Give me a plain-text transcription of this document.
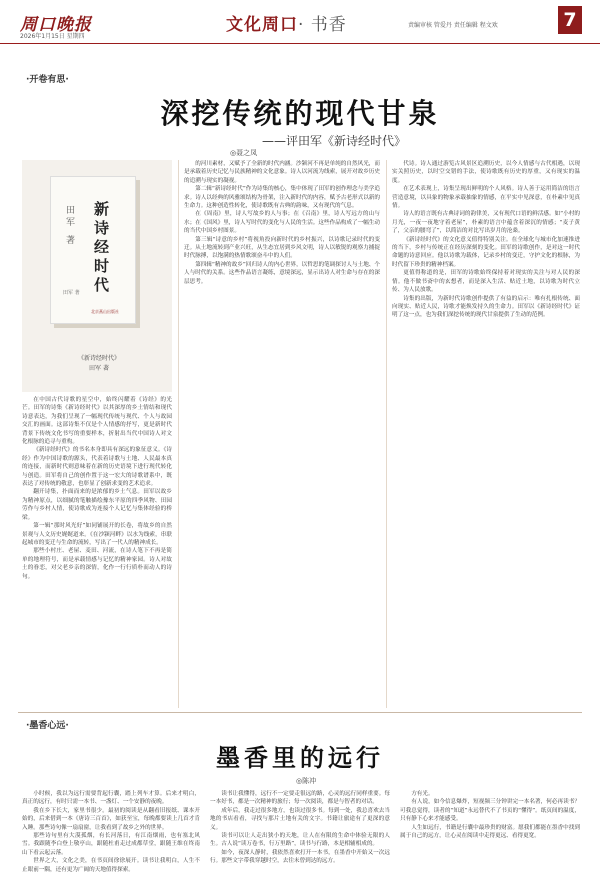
周口晚报
2026年1月15日 星期四
文化周口· 书香	责编审核 管爱丹 责任编辑 程文欢	7
·开卷有思·
深挖传统的现代甘泉
——评田军《新诗经时代》
◎聂之凤
新诗经时代
田军 著
田军 著
北京燕山出版社
《新诗经时代》
田军 著

在中国古代诗歌的星空中，始终闪耀着《诗经》的光芒。田军的诗集《新诗经时代》以其深厚的乡土情结和现代诗意表达，为我们呈现了一幅现代传统与现代、个人与故园交汇的画面。这部诗集不仅是个人情感的抒写，更是新时代背景下传统文化书写的重要样本，折射出当代中国诗人对文化根脉的追寻与重构。

《新诗经时代》的书名本身即具有深远的象征意义。《诗经》作为中国诗歌的源头，代表着诗歌与土地、人民最本真的连接，而新时代则意味着在新的历史语境下进行现代转化与创造。田军将自己的创作置于这一宏大的诗歌谱系中，既表达了对传统的敬意，也彰显了创新求变的艺术追求。

翻开诗集，扑面而来的是浓郁的乡土气息。田军以故乡为精神原点，以细腻的笔触描绘豫东平原的四季风物、田园劳作与乡村人情，使诗歌成为连接个人记忆与集体经验的桥梁。

第一辑“那时风光好”如同铺展开的长卷，将故乡的自然景观与人文历史娓娓道来。《在沙颍河畔》以水为线索，串联起城市的变迁与生命的流转，写出了一代人的精神成长。

那些小村庄、老屋、麦田、河流，在诗人笔下不再是简单的地理符号，而是承载情感与记忆的精神家园。诗人对故土的眷恋，对父老乡亲的深情，化作一行行质朴而动人的诗句。

的河川素材，又赋予了全新的时代内涵。沙颍河不再是单纯的自然风光，而是承载着历史记忆与民族精神的文化意象。诗人以河流为线索，展开对故乡历史的追溯与现实的凝视。

第二辑“新诗经时代”作为诗集的核心，集中体现了田军的创作理念与美学追求。诗人以经典的风雅颂结构为骨架，注入新时代的内容，赋予古老形式以新的生命力。这种创造性转化，使诗歌既有古典的韵味，又有现代的气息。

在《周南》里，诗人写故乡的人与事；在《召南》里，诗人写远方的山与水；在《国风》里，诗人写时代的变化与人民的生活。这些作品构成了一幅生动的当代中国乡村图景。

第三辑“诗意的乡村”将视角投向新时代的乡村振兴，以诗歌记录时代的变迁。从土地流转到产业兴旺，从生态宜居到乡风文明，诗人以敏锐的观察力捕捉时代脉搏，以饱满的热情歌颂奋斗中的人们。

第四辑“精神的故乡”回归诗人的内心世界，以哲思的笔调探讨人与土地、个人与时代的关系。这些作品语言凝练，意境深远，显示出诗人对生命与存在的深层思考。

代诗。诗人通过游览古风景区追溯历史，以今人情感与古代相遇，以现实关照历史，以时空交错的手法，使诗歌既有历史的厚重，又有现实的温度。

在艺术表现上，诗集呈现出鲜明的个人风格。诗人善于运用简洁的语言营造意境，以具象的物象承载抽象的情感，在平实中见深意，在朴素中见真情。

诗人的语言既有古典诗词的韵律美，又有现代口语的鲜活感。如“小村的月光，一夜一夜地守着老屋”，朴素的语言中蕴含着深沉的情感；“麦子黄了，父亲的腰弯了”，以简洁的对比写出岁月的沧桑。

《新诗经时代》的文化意义值得特别关注。在全球化与城市化加速推进的当下，乡村与传统正在经历深刻的变化。田军的诗歌创作，是对这一时代命题的诗意回应。他以诗歌为载体，记录乡村的变迁，守护文化的根脉，为时代留下珍贵的精神档案。

更值得称道的是，田军的诗歌始终保持着对现实的关注与对人民的深情。他不做书斋中的玄想者，而是深入生活、贴近土地，以诗歌为时代立传、为人民放歌。

诗集的出版，为新时代诗歌创作提供了有益的启示：唯有扎根传统、面向现实、贴近人民，诗歌才能焕发持久的生命力。田军以《新诗经时代》证明了这一点，也为我们深挖传统的现代甘泉提供了生动的范例。

·墨香心远·
墨香里的远行
◎陈冲

小时候，我以为远行需要背起行囊，踏上列车才算。后来才明白，真正的远行，有时只需一本书、一盏灯、一个安静的夜晚。

我在乡下长大，家里书很少。最初的阅读是从翻看旧报纸、课本开始的，后来借到一本《唐诗三百首》，如获至宝，每晚都要读上几首才肯入睡。那些诗句像一扇扇窗，让我看到了故乡之外的世界。

那些诗句里有大漠孤烟，有长河落日，有江南烟雨，也有塞北风雪。我跟随李白登上敬亭山，跟随杜甫走过成都草堂，跟随王维在终南山下看云起云落。

世界之大，文化之美，在书页间徐徐展开。读书让我明白，人生不止眼前一隅，还有更为广阔的天地值得探索。

读书让我懂得，远行不一定要走很远的路，心灵的远行同样重要。每一本好书，都是一次精神的旅行；每一次阅读，都是与智者的对话。

成年后，我走过很多地方，也读过很多书。每到一处，我总喜欢去当地的书店看看，寻找与那片土地有关的文字。书籍让旅途有了更深的意义。

读书可以让人走出狭小的天地，让人在有限的生命中体验无限的人生。古人说“读万卷书，行万里路”，读书与行路，本是相辅相成的。

如今，夜深人静时，我依然喜欢打开一本书，在墨香中开始又一次远行。那些文字带我穿越时空，去往未曾到达的远方。

方有光。

有人说，如今信息爆炸，短视频三分钟讲完一本名著，何必再读书？可我总觉得，读者的“知道”永远替代不了书页的“懂得”。纸页间的温度，只有静下心来才能感受。

人生如远行，书籍是行囊中最珍贵的财富。愿我们都能在墨香中找到属于自己的远方，让心灵在阅读中走得更远、看得更宽。
